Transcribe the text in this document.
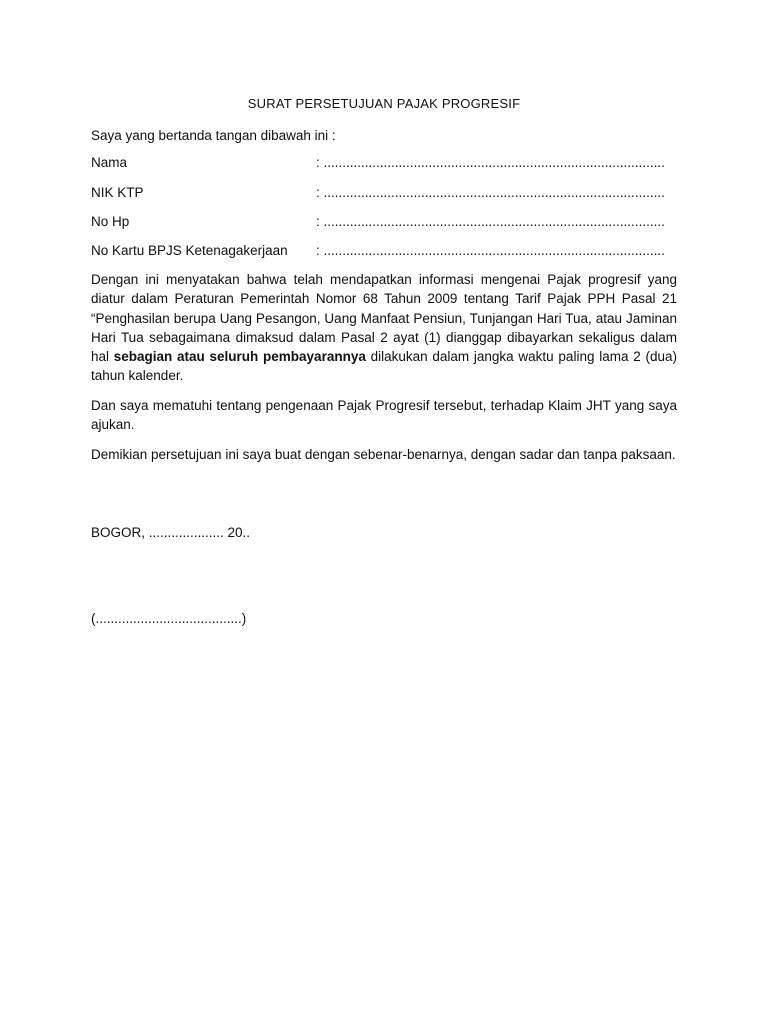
SURAT PERSETUJUAN PAJAK PROGRESIF
Saya yang bertanda tangan dibawah ini :
Nama	: ...........................................................................................
NIK KTP	: ...........................................................................................
No Hp	: ...........................................................................................
No Kartu BPJS Ketenagakerjaan : ...........................................................................................
Dengan ini menyatakan bahwa telah mendapatkan informasi mengenai Pajak progresif yang diatur dalam Peraturan Pemerintah Nomor 68 Tahun 2009 tentang Tarif Pajak PPH Pasal 21 “Penghasilan berupa Uang Pesangon, Uang Manfaat Pensiun, Tunjangan Hari Tua, atau Jaminan Hari Tua sebagaimana dimaksud dalam Pasal 2 ayat (1) dianggap dibayarkan sekaligus dalam hal sebagian atau seluruh pembayarannya dilakukan dalam jangka waktu paling lama 2 (dua) tahun kalender.
Dan saya mematuhi tentang pengenaan Pajak Progresif tersebut, terhadap Klaim JHT yang saya ajukan.
Demikian persetujuan ini saya buat dengan sebenar-benarnya, dengan sadar dan tanpa paksaan.
BOGOR, .................... 20..
(.......................................)
